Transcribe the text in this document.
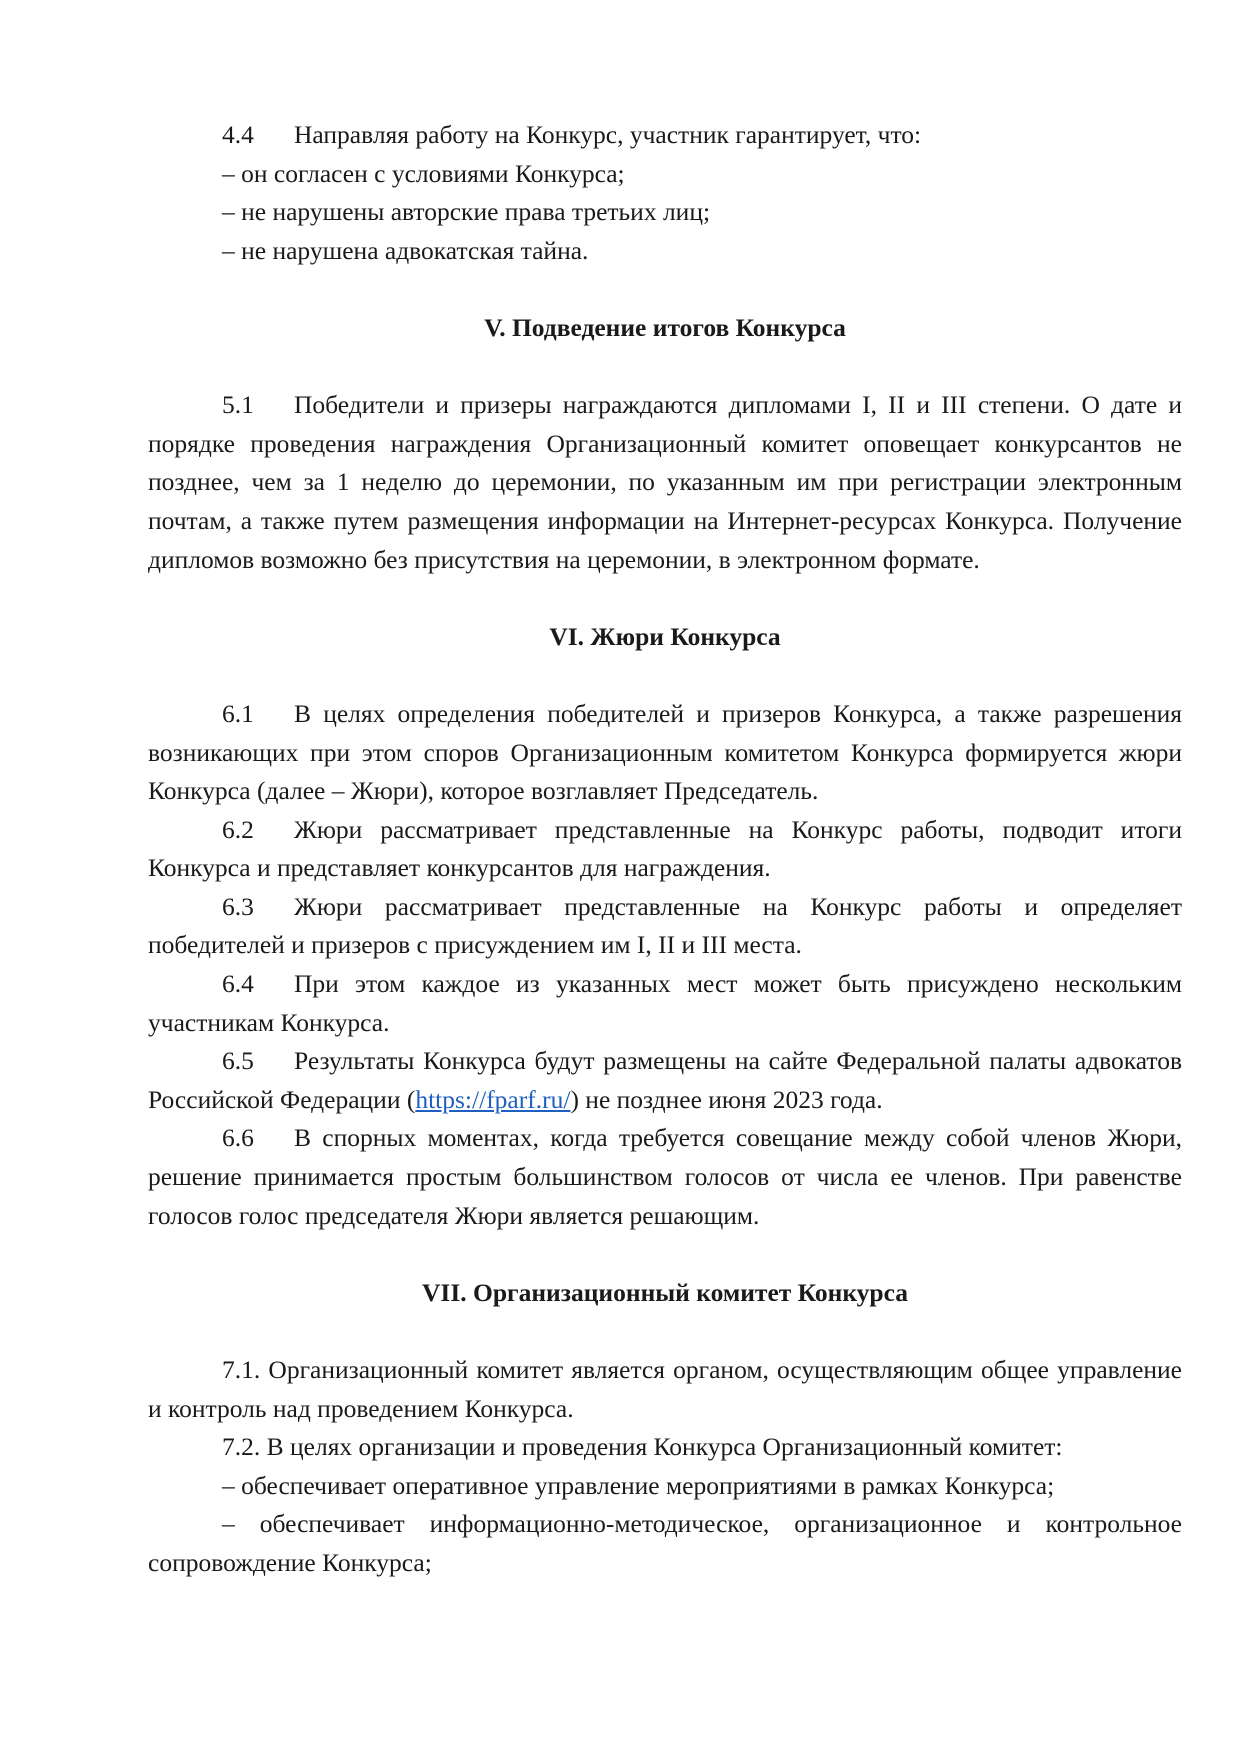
4.4 Направляя работу на Конкурс, участник гарантирует, что:

– он согласен с условиями Конкурса;

– не нарушены авторские права третьих лиц;

– не нарушена адвокатская тайна.

V. Подведение итогов Конкурса

5.1 Победители и призеры награждаются дипломами I, II и III степени. О дате и порядке проведения награждения Организационный комитет оповещает конкурсантов не позднее, чем за 1 неделю до церемонии, по указанным им при регистрации электронным почтам, а также путем размещения информации на Интернет-ресурсах Конкурса. Получение дипломов возможно без присутствия на церемонии, в электронном формате.

VI. Жюри Конкурса

6.1 В целях определения победителей и призеров Конкурса, а также разрешения возникающих при этом споров Организационным комитетом Конкурса формируется жюри Конкурса (далее – Жюри), которое возглавляет Председатель.

6.2 Жюри рассматривает представленные на Конкурс работы, подводит итоги Конкурса и представляет конкурсантов для награждения.

6.3 Жюри рассматривает представленные на Конкурс работы и определяет победителей и призеров с присуждением им I, II и III места.

6.4 При этом каждое из указанных мест может быть присуждено нескольким участникам Конкурса.

6.5 Результаты Конкурса будут размещены на сайте Федеральной палаты адвокатов Российской Федерации (https://fparf.ru/) не позднее июня 2023 года.

6.6 В спорных моментах, когда требуется совещание между собой членов Жюри, решение принимается простым большинством голосов от числа ее членов. При равенстве голосов голос председателя Жюри является решающим.

VII. Организационный комитет Конкурса

7.1. Организационный комитет является органом, осуществляющим общее управление и контроль над проведением Конкурса.

7.2. В целях организации и проведения Конкурса Организационный комитет:

– обеспечивает оперативное управление мероприятиями в рамках Конкурса;

– обеспечивает информационно-методическое, организационное и контрольное сопровождение Конкурса;
